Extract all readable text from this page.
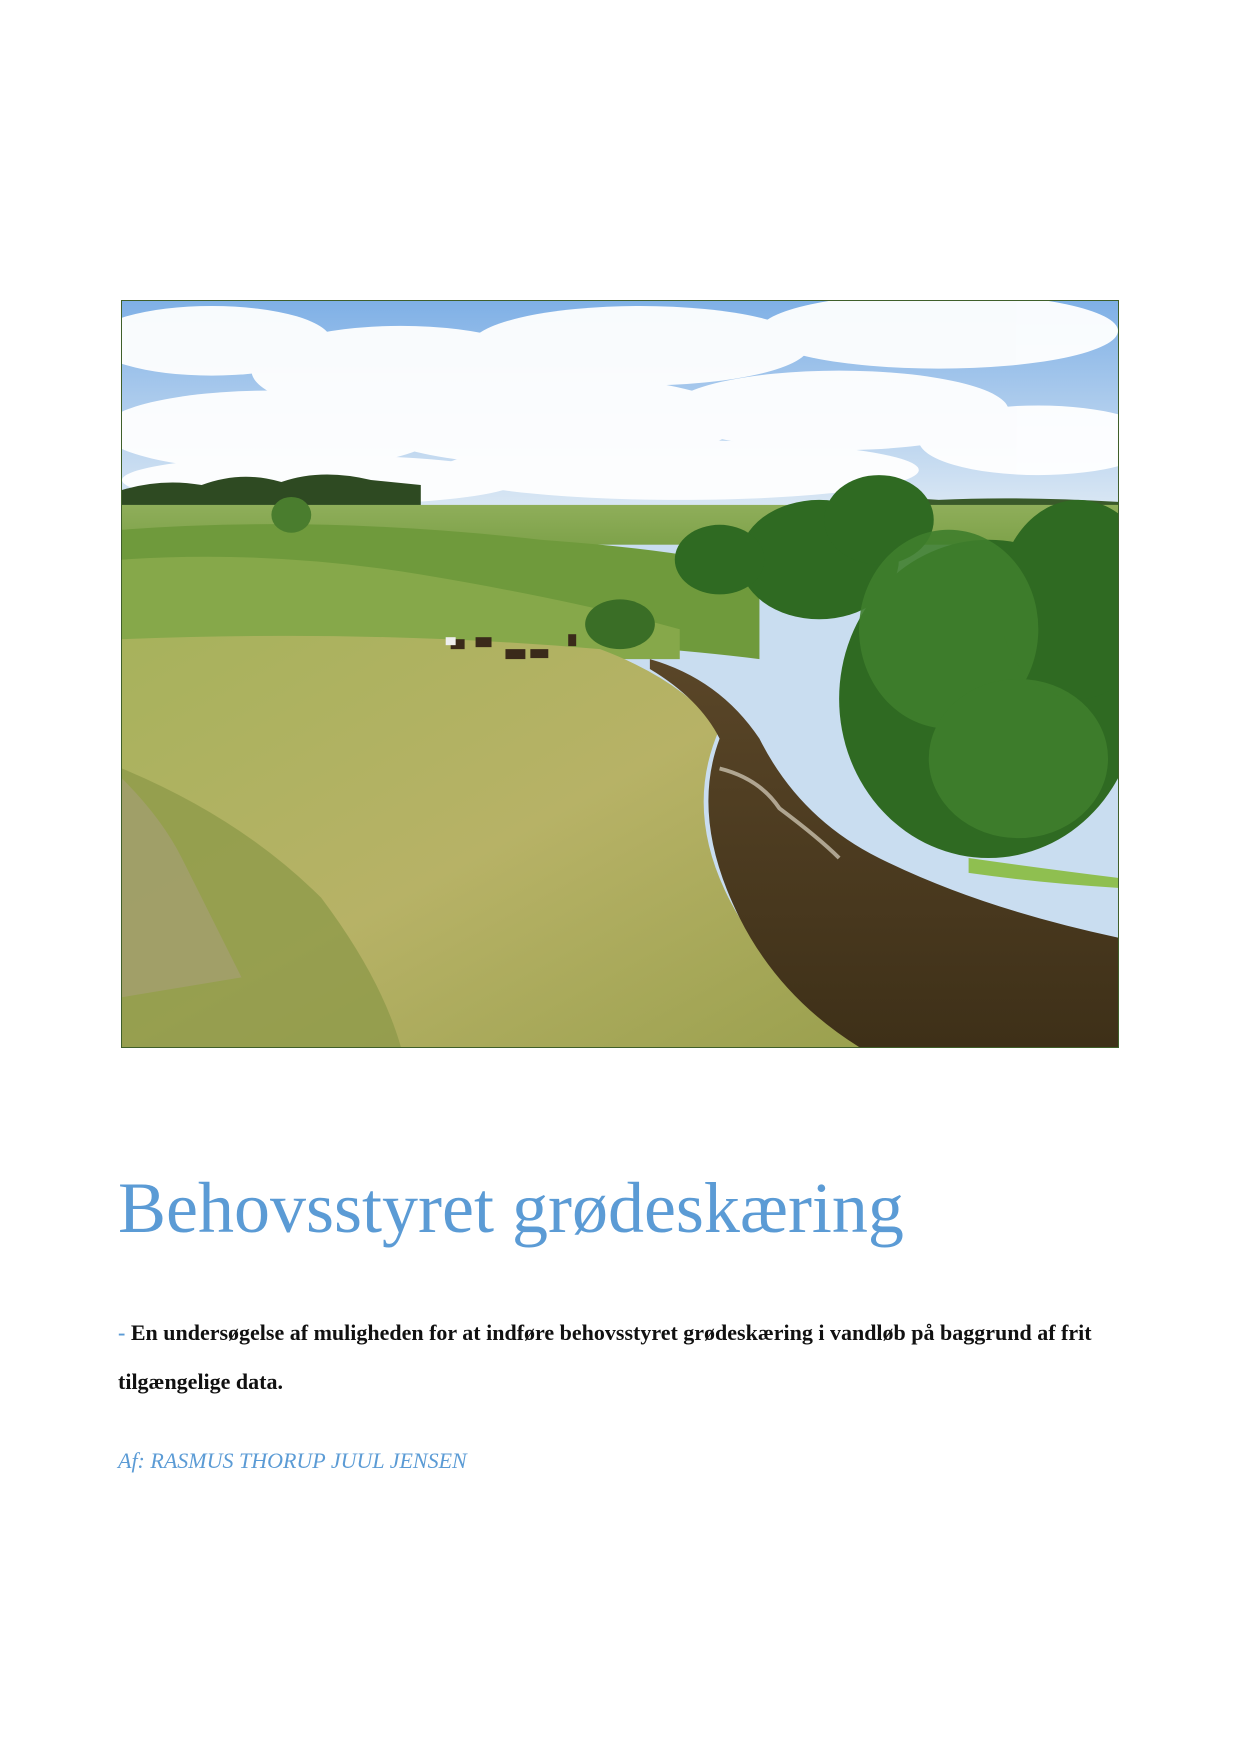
Behovsstyret grødeskæring

- En undersøgelse af muligheden for at indføre behovsstyret grødeskæring i vandløb på baggrund af frit tilgængelige data.

Af: RASMUS THORUP JUUL JENSEN
